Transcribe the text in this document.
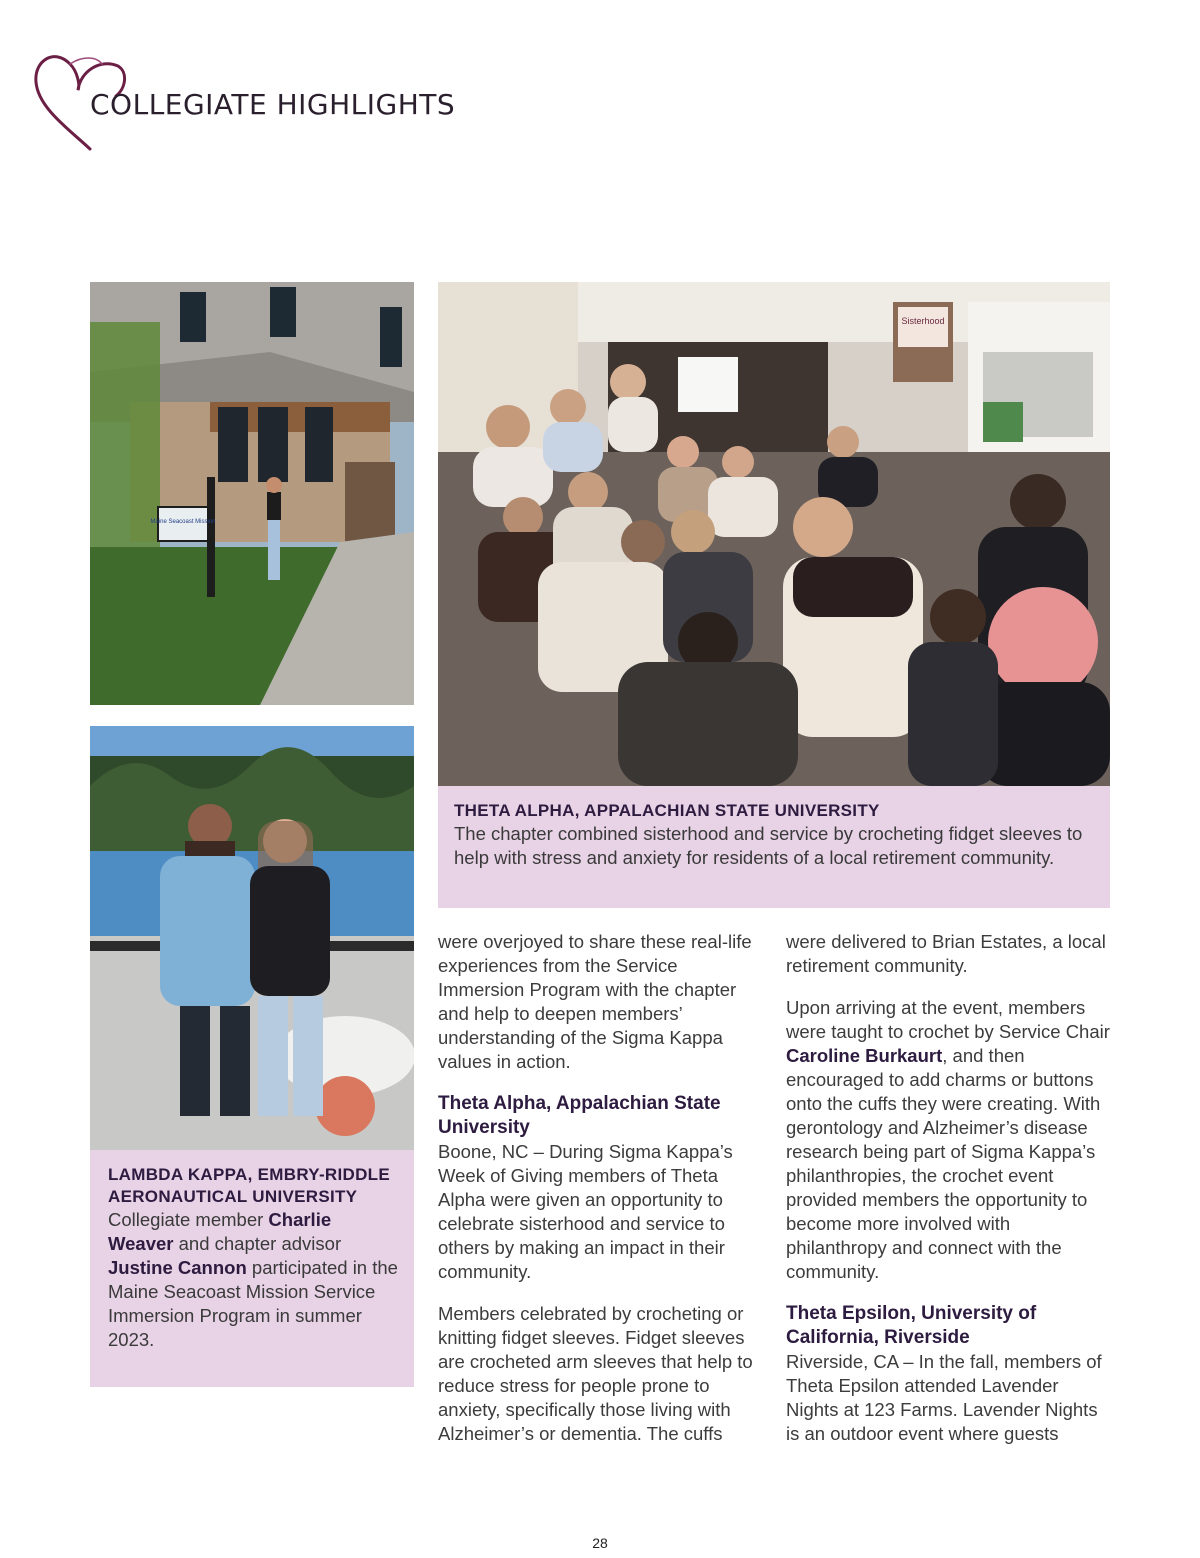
COLLEGIATE HIGHLIGHTS
Maine Seacoast Mission
Sisterhood
THETA ALPHA, APPALACHIAN STATE UNIVERSITY

The chapter combined sisterhood and service by crocheting fidget sleeves to help with stress and anxiety for residents of a local retirement community.

LAMBDA KAPPA, EMBRY-RIDDLE AERONAUTICAL UNIVERSITY

Collegiate member Charlie Weaver and chapter advisor Justine Cannon participated in the Maine Seacoast Mission Service Immersion Program in summer 2023.

were overjoyed to share these real-life experiences from the Service Immersion Program with the chapter and help to deepen members’ understanding of the Sigma Kappa values in action.

Theta Alpha, Appalachian State University

Boone, NC – During Sigma Kappa’s Week of Giving members of Theta Alpha were given an opportunity to celebrate sisterhood and service to others by making an impact in their community.

Members celebrated by crocheting or knitting fidget sleeves. Fidget sleeves are crocheted arm sleeves that help to reduce stress for people prone to anxiety, specifically those living with Alzheimer’s or dementia. The cuffs

were delivered to Brian Estates, a local retirement community.

Upon arriving at the event, members were taught to crochet by Service Chair Caroline Burkaurt, and then encouraged to add charms or buttons onto the cuffs they were creating. With gerontology and Alzheimer’s disease research being part of Sigma Kappa’s philanthropies, the crochet event provided members the opportunity to become more involved with philanthropy and connect with the community.

Theta Epsilon, University of California, Riverside

Riverside, CA – In the fall, members of Theta Epsilon attended Lavender Nights at 123 Farms. Lavender Nights is an outdoor event where guests

28
